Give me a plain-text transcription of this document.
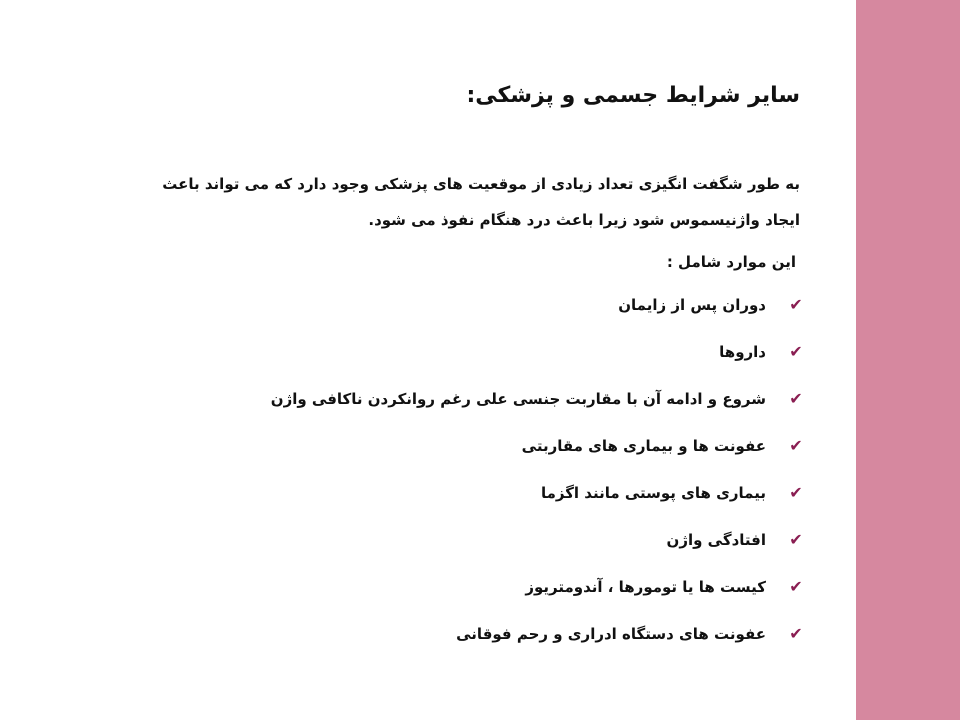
سایر شرایط جسمی و پزشکی:

به طور شگفت انگیزی تعداد زیادی از موقعیت های پزشکی وجود دارد که می تواند باعث ایجاد واژنیسموس شود زیرا باعث درد هنگام نفوذ می شود.

این موارد شامل :

✔
دوران پس از زایمان
✔
داروها
✔
شروع و ادامه آن با مقاربت جنسی علی رغم روانکردن ناکافی واژن
✔
عفونت ها و بیماری های مقاربتی
✔
بیماری های پوستی مانند اگزما
✔
افتادگی واژن
✔
کیست ها یا تومورها ، آندومتریوز
✔
عفونت های دستگاه ادراری و رحم فوقانی
